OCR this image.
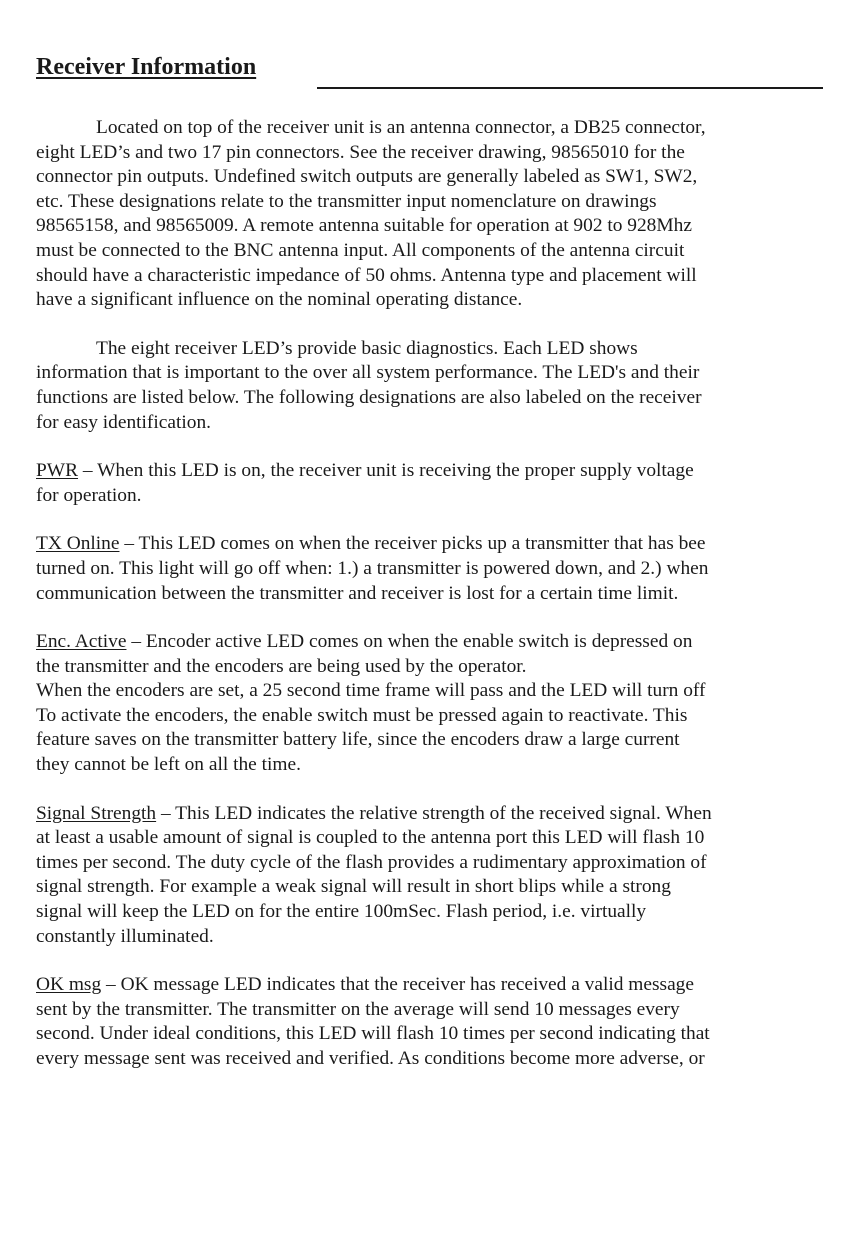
Receiver Information
Located on top of the receiver unit is an antenna connector, a DB25 connector,
eight LED’s and two 17 pin connectors. See the receiver drawing, 98565010 for the
connector pin outputs. Undefined switch outputs are generally labeled as SW1, SW2,
etc. These designations relate to the transmitter input nomenclature on drawings
98565158, and 98565009. A remote antenna suitable for operation at 902 to 928Mhz
must be connected to the BNC antenna input. All components of the antenna circuit
should have a characteristic impedance of 50 ohms. Antenna type and placement will
have a significant influence on the nominal operating distance.
The eight receiver LED’s provide basic diagnostics. Each LED shows
information that is important to the over all system performance. The LED's and their
functions are listed below. The following designations are also labeled on the receiver
for easy identification.
PWR – When this LED is on, the receiver unit is receiving the proper supply voltage
for operation.
TX Online – This LED comes on when the receiver picks up a transmitter that has bee
turned on. This light will go off when: 1.) a transmitter is powered down, and 2.) when
communication between the transmitter and receiver is lost for a certain time limit.
Enc. Active – Encoder active LED comes on when the enable switch is depressed on
the transmitter and the encoders are being used by the operator.
When the encoders are set, a 25 second time frame will pass and the LED will turn off
To activate the encoders, the enable switch must be pressed again to reactivate. This
feature saves on the transmitter battery life, since the encoders draw a large current
they cannot be left on all the time.
Signal Strength – This LED indicates the relative strength of the received signal. When
at least a usable amount of signal is coupled to the antenna port this LED will flash 10
times per second. The duty cycle of the flash provides a rudimentary approximation of
signal strength. For example a weak signal will result in short blips while a strong
signal will keep the LED on for the entire 100mSec. Flash period, i.e. virtually
constantly illuminated.
OK msg – OK message LED indicates that the receiver has received a valid message
sent by the transmitter. The transmitter on the average will send 10 messages every
second. Under ideal conditions, this LED will flash 10 times per second indicating that
every message sent was received and verified. As conditions become more adverse, or
